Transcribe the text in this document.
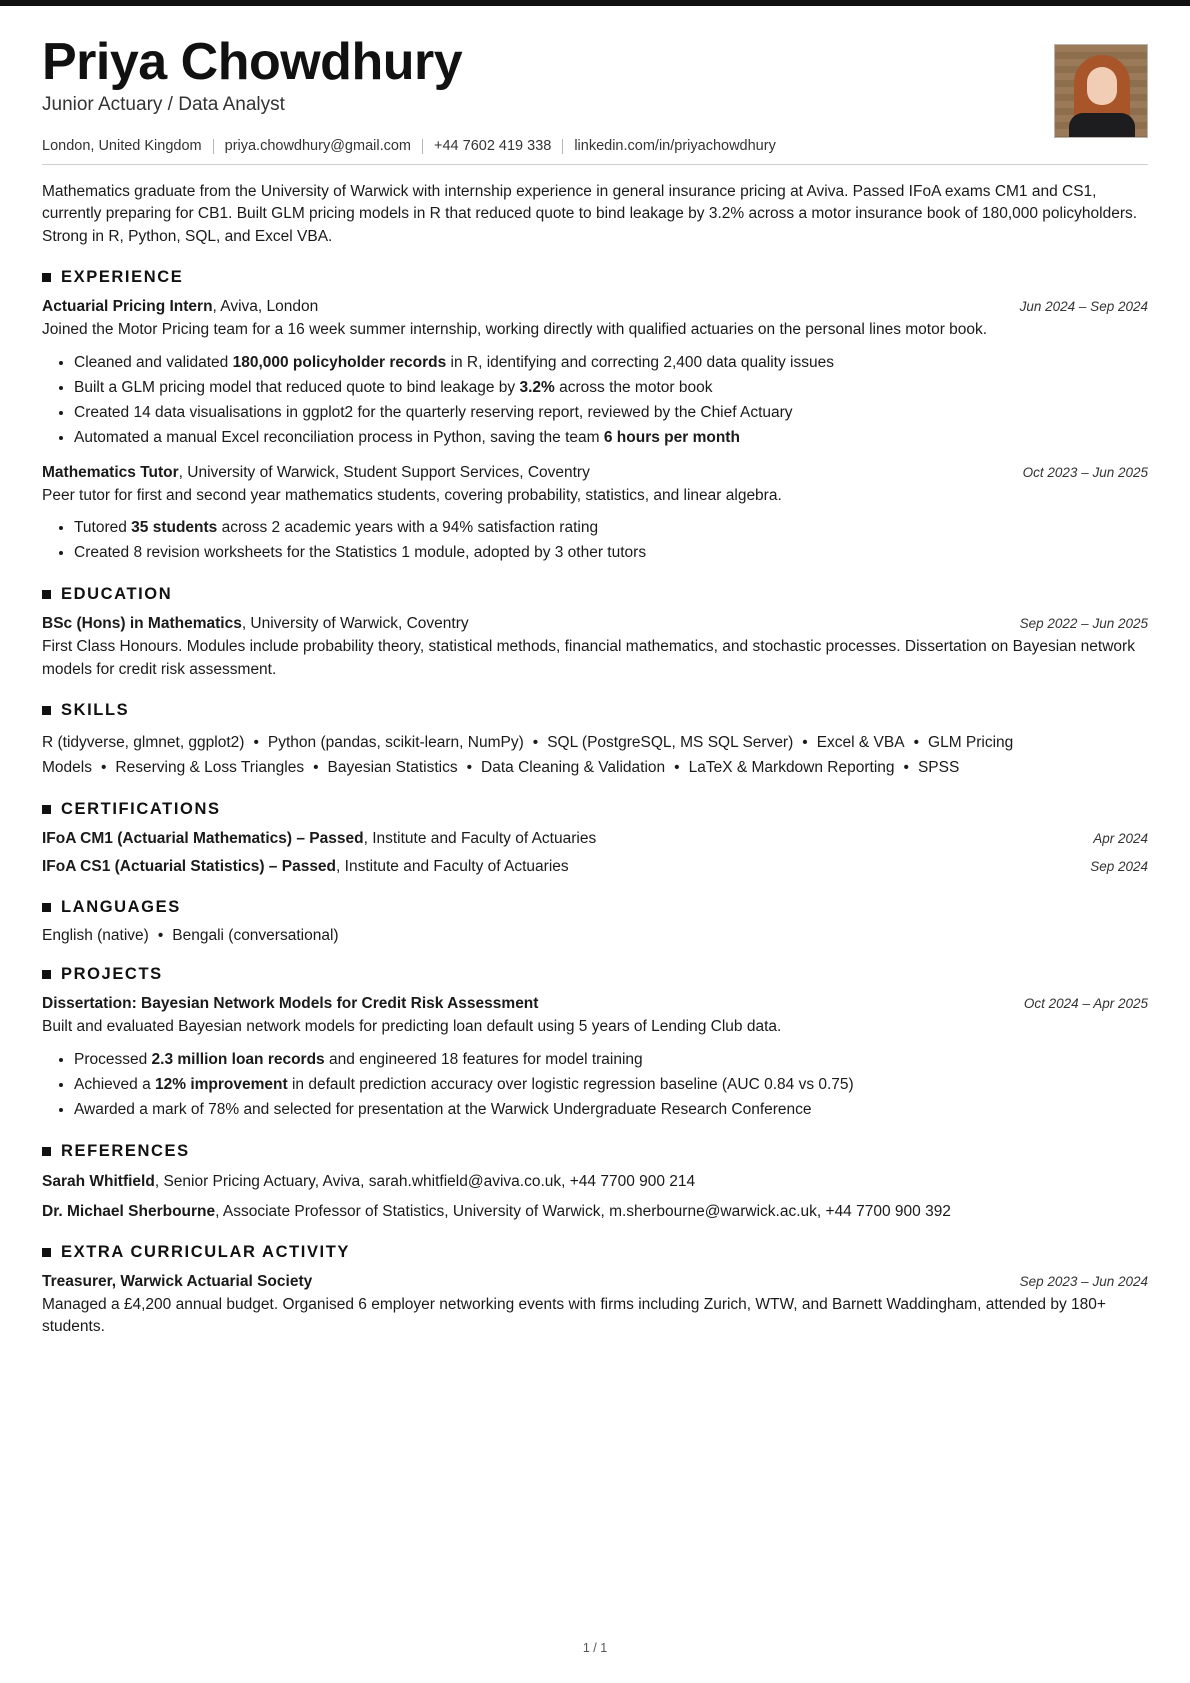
Priya Chowdhury
Junior Actuary / Data Analyst
London, United Kingdom priya.chowdhury@gmail.com +44 7602 419 338 linkedin.com/in/priyachowdhury
Mathematics graduate from the University of Warwick with internship experience in general insurance pricing at Aviva. Passed IFoA exams CM1 and CS1, currently preparing for CB1. Built GLM pricing models in R that reduced quote to bind leakage by 3.2% across a motor insurance book of 180,000 policyholders. Strong in R, Python, SQL, and Excel VBA.
EXPERIENCE
Actuarial Pricing Intern, Aviva, London	Jun 2024 – Sep 2024
Joined the Motor Pricing team for a 16 week summer internship, working directly with qualified actuaries on the personal lines motor book.
• Cleaned and validated 180,000 policyholder records in R, identifying and correcting 2,400 data quality issues
• Built a GLM pricing model that reduced quote to bind leakage by 3.2% across the motor book
• Created 14 data visualisations in ggplot2 for the quarterly reserving report, reviewed by the Chief Actuary
• Automated a manual Excel reconciliation process in Python, saving the team 6 hours per month
Mathematics Tutor, University of Warwick, Student Support Services, Coventry	Oct 2023 – Jun 2025
Peer tutor for first and second year mathematics students, covering probability, statistics, and linear algebra.
• Tutored 35 students across 2 academic years with a 94% satisfaction rating
• Created 8 revision worksheets for the Statistics 1 module, adopted by 3 other tutors
EDUCATION
BSc (Hons) in Mathematics, University of Warwick, Coventry	Sep 2022 – Jun 2025
First Class Honours. Modules include probability theory, statistical methods, financial mathematics, and stochastic processes. Dissertation on Bayesian network models for credit risk assessment.
SKILLS
R (tidyverse, glmnet, ggplot2) • Python (pandas, scikit-learn, NumPy) • SQL (PostgreSQL, MS SQL Server) • Excel & VBA • GLM Pricing Models • Reserving & Loss Triangles • Bayesian Statistics • Data Cleaning & Validation • LaTeX & Markdown Reporting • SPSS
CERTIFICATIONS
IFoA CM1 (Actuarial Mathematics) – Passed, Institute and Faculty of Actuaries	Apr 2024
IFoA CS1 (Actuarial Statistics) – Passed, Institute and Faculty of Actuaries	Sep 2024
LANGUAGES
English (native) • Bengali (conversational)
PROJECTS
Dissertation: Bayesian Network Models for Credit Risk Assessment	Oct 2024 – Apr 2025
Built and evaluated Bayesian network models for predicting loan default using 5 years of Lending Club data.
• Processed 2.3 million loan records and engineered 18 features for model training
• Achieved a 12% improvement in default prediction accuracy over logistic regression baseline (AUC 0.84 vs 0.75)
• Awarded a mark of 78% and selected for presentation at the Warwick Undergraduate Research Conference
REFERENCES
Sarah Whitfield, Senior Pricing Actuary, Aviva, sarah.whitfield@aviva.co.uk, +44 7700 900 214
Dr. Michael Sherbourne, Associate Professor of Statistics, University of Warwick, m.sherbourne@warwick.ac.uk, +44 7700 900 392
EXTRA CURRICULAR ACTIVITY
Treasurer, Warwick Actuarial Society	Sep 2023 – Jun 2024
Managed a £4,200 annual budget. Organised 6 employer networking events with firms including Zurich, WTW, and Barnett Waddingham, attended by 180+ students.
1 / 1
